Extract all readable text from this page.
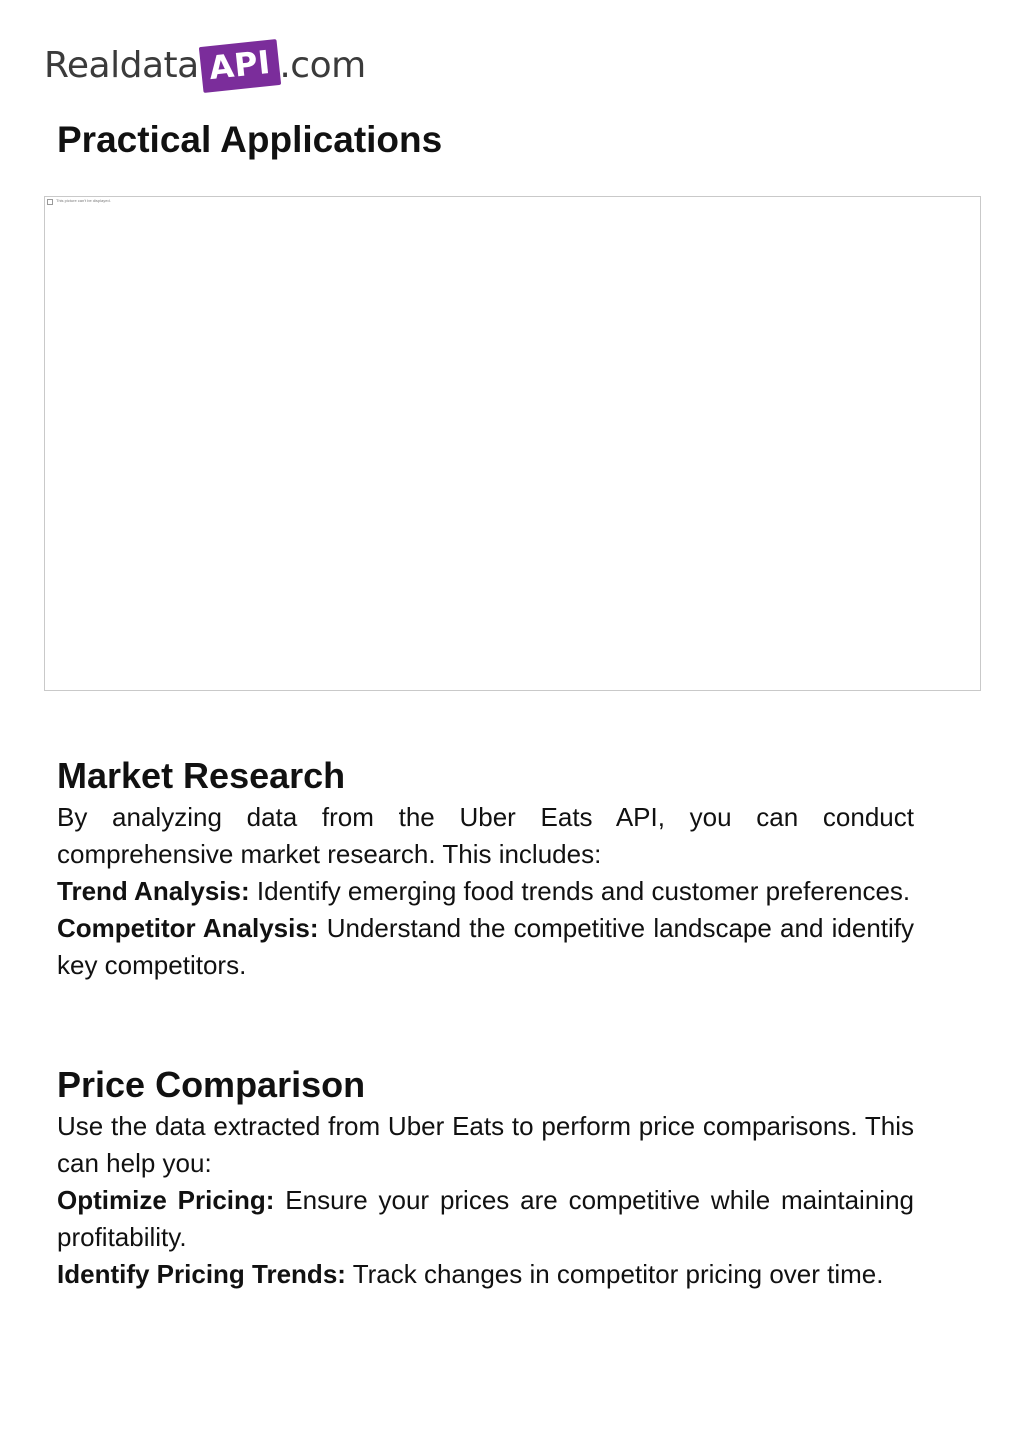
Realdata API .com
Practical Applications
This picture can't be displayed.
Market Research

By analyzing data from the Uber Eats API, you can conduct comprehensive market research. This includes:

Trend Analysis: Identify emerging food trends and customer preferences.

Competitor Analysis: Understand the competitive landscape and identify key competitors.

Price Comparison

Use the data extracted from Uber Eats to perform price comparisons. This can help you:

Optimize Pricing: Ensure your prices are competitive while maintaining profitability.

Identify Pricing Trends: Track changes in competitor pricing over time.
